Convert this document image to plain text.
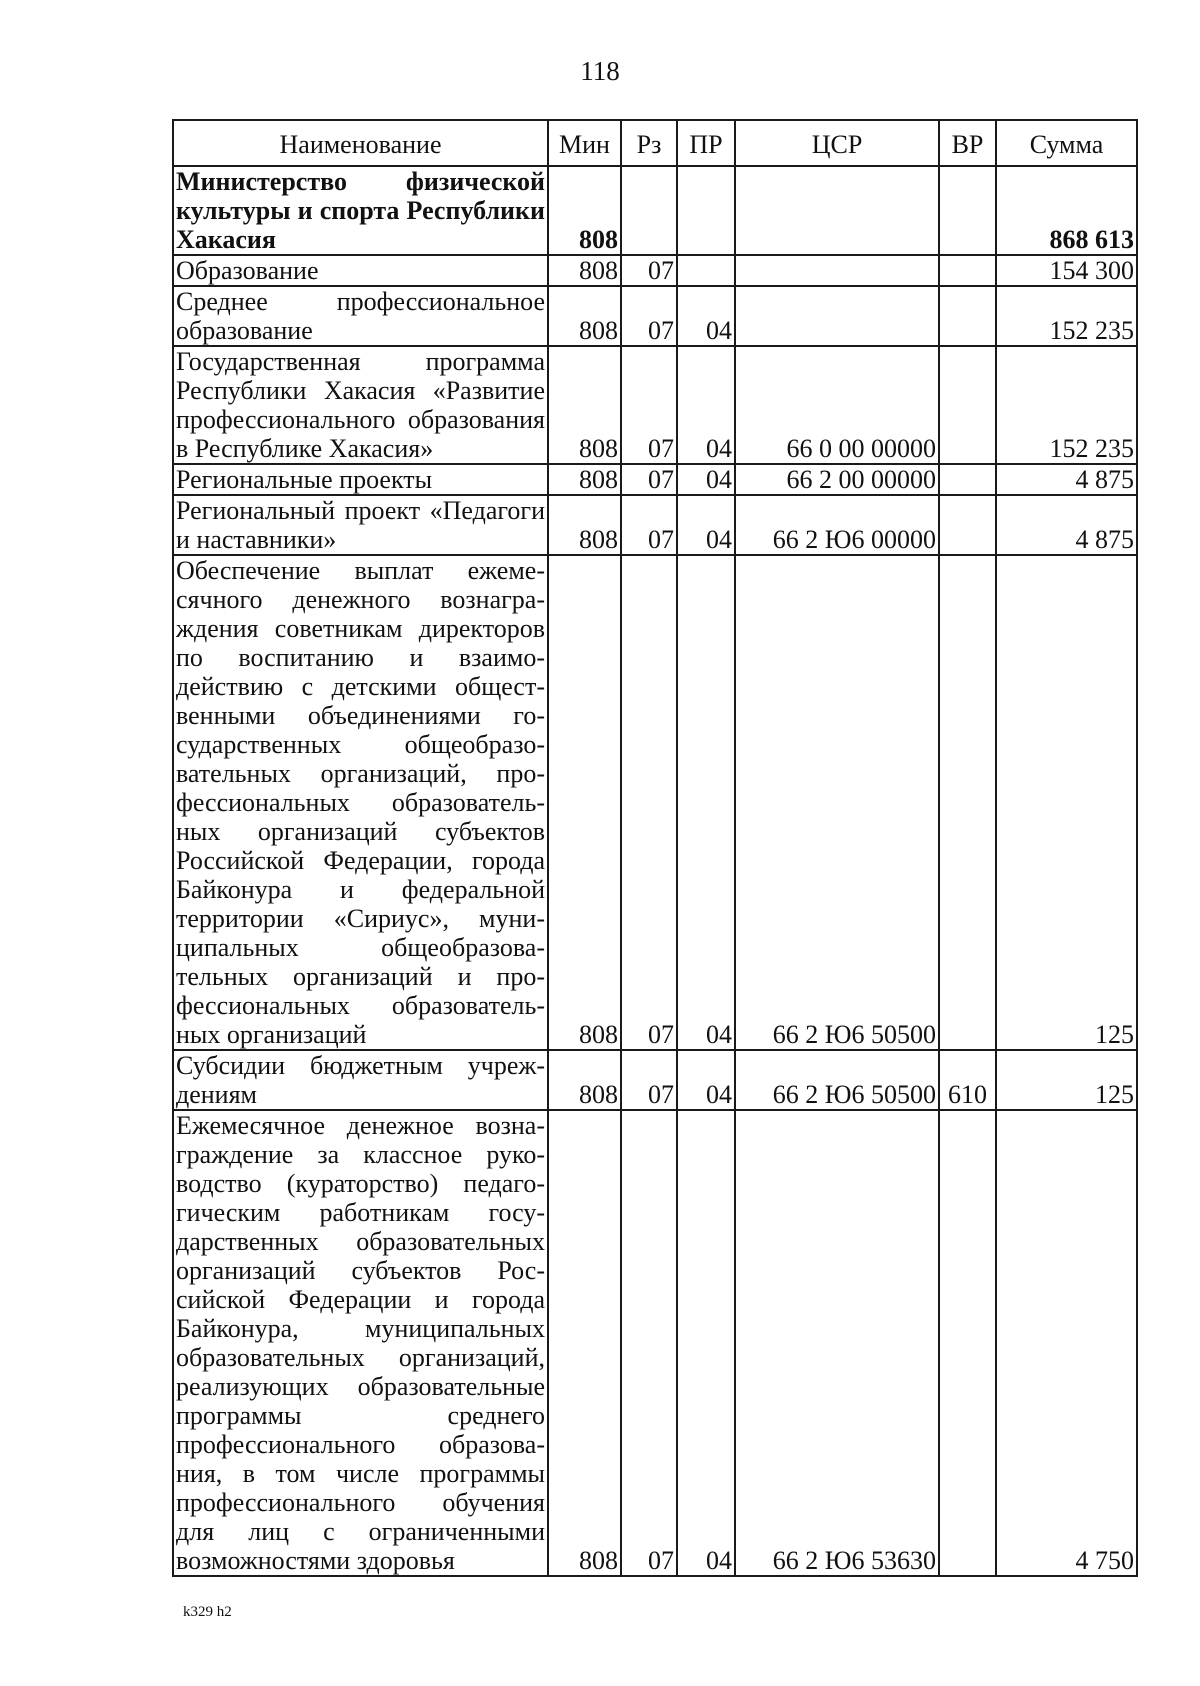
118
Наименование	Мин	Рз	ПР	ЦСР	ВР	Сумма
Министерство физической культуры и спорта Республики Хакасия	808					868 613
Образование	808	07				154 300
Среднее профессиональное образование	808	07	04			152 235
Государственная программа Республики Хакасия «Развитие профессионального образования в Республике Хакасия»	808	07	04	66 0 00 00000		152 235
Региональные проекты	808	07	04	66 2 00 00000		4 875
Региональный проект «Педагоги и наставники»	808	07	04	66 2 Ю6 00000		4 875
Обеспечение выплат ежемесячного денежного вознаграждения советникам директоров по воспитанию и взаимодействию с детскими общественными объединениями государственных общеобразовательных организаций, профессиональных образовательных организаций субъектов Российской Федерации, города Байконура и федеральной территории «Сириус», муниципальных общеобразовательных организаций и профессиональных образовательных организаций	808	07	04	66 2 Ю6 50500		125
Субсидии бюджетным учреждениям	808	07	04	66 2 Ю6 50500	610	125
Ежемесячное денежное вознаграждение за классное руководство (кураторство) педагогическим работникам государственных образовательных организаций субъектов Российской Федерации и города Байконура, муниципальных образовательных организаций, реализующих образовательные программы среднего профессионального образования, в том числе программы профессионального обучения для лиц с ограниченными возможностями здоровья	808	07	04	66 2 Ю6 53630		4 750
k329 h2
